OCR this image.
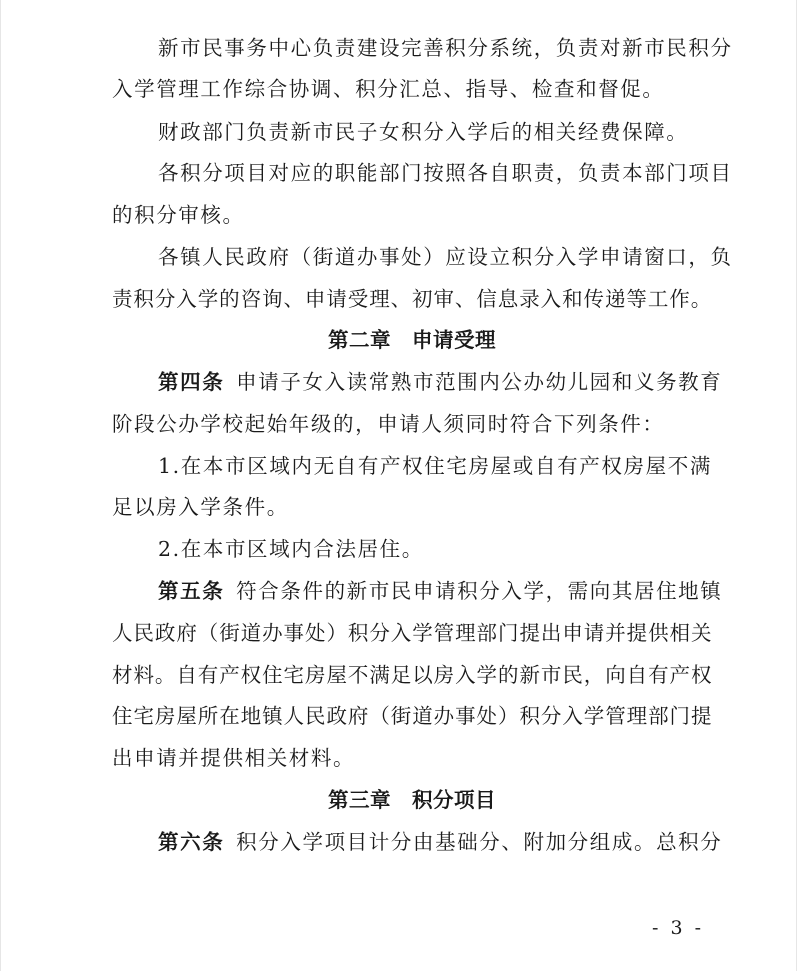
新市民事务中心负责建设完善积分系统，负责对新市民积分
入学管理工作综合协调、积分汇总、指导、检查和督促。
财政部门负责新市民子女积分入学后的相关经费保障。
各积分项目对应的职能部门按照各自职责，负责本部门项目
的积分审核。
各镇人民政府（街道办事处）应设立积分入学申请窗口，负
责积分入学的咨询、申请受理、初审、信息录入和传递等工作。
第二章　申请受理
第四条  申请子女入读常熟市范围内公办幼儿园和义务教育
阶段公办学校起始年级的，申请人须同时符合下列条件：
1.在本市区域内无自有产权住宅房屋或自有产权房屋不满
足以房入学条件。
2.在本市区域内合法居住。
第五条  符合条件的新市民申请积分入学，需向其居住地镇
人民政府（街道办事处）积分入学管理部门提出申请并提供相关
材料。自有产权住宅房屋不满足以房入学的新市民，向自有产权
住宅房屋所在地镇人民政府（街道办事处）积分入学管理部门提
出申请并提供相关材料。
第三章　积分项目
第六条  积分入学项目计分由基础分、附加分组成。总积分
- 3 -
